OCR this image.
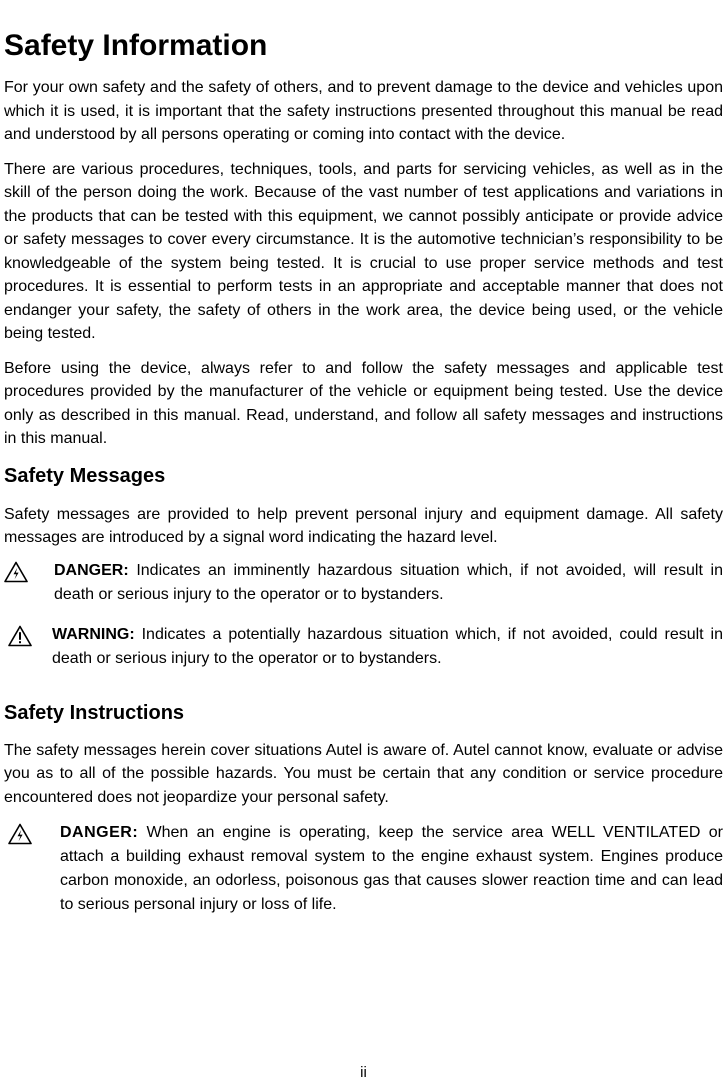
Safety Information

For your own safety and the safety of others, and to prevent damage to the device and vehicles upon which it is used, it is important that the safety instructions presented throughout this manual be read and understood by all persons operating or coming into contact with the device.

There are various procedures, techniques, tools, and parts for servicing vehicles, as well as in the skill of the person doing the work. Because of the vast number of test applications and variations in the products that can be tested with this equipment, we cannot possibly anticipate or provide advice or safety messages to cover every circumstance. It is the automotive technician’s responsibility to be knowledgeable of the system being tested. It is crucial to use proper service methods and test procedures. It is essential to perform tests in an appropriate and acceptable manner that does not endanger your safety, the safety of others in the work area, the device being used, or the vehicle being tested.

Before using the device, always refer to and follow the safety messages and applicable test procedures provided by the manufacturer of the vehicle or equipment being tested. Use the device only as described in this manual. Read, understand, and follow all safety messages and instructions in this manual.

Safety Messages

Safety messages are provided to help prevent personal injury and equipment damage. All safety messages are introduced by a signal word indicating the hazard level.

DANGER: Indicates an imminently hazardous situation which, if not avoided, will result in death or serious injury to the operator or to bystanders.
WARNING: Indicates a potentially hazardous situation which, if not avoided, could result in death or serious injury to the operator or to bystanders.
Safety Instructions

The safety messages herein cover situations Autel is aware of. Autel cannot know, evaluate or advise you as to all of the possible hazards. You must be certain that any condition or service procedure encountered does not jeopardize your personal safety.

DANGER: When an engine is operating, keep the service area WELL VENTILATED or attach a building exhaust removal system to the engine exhaust system. Engines produce carbon monoxide, an odorless, poisonous gas that causes slower reaction time and can lead to serious personal injury or loss of life.
ii
